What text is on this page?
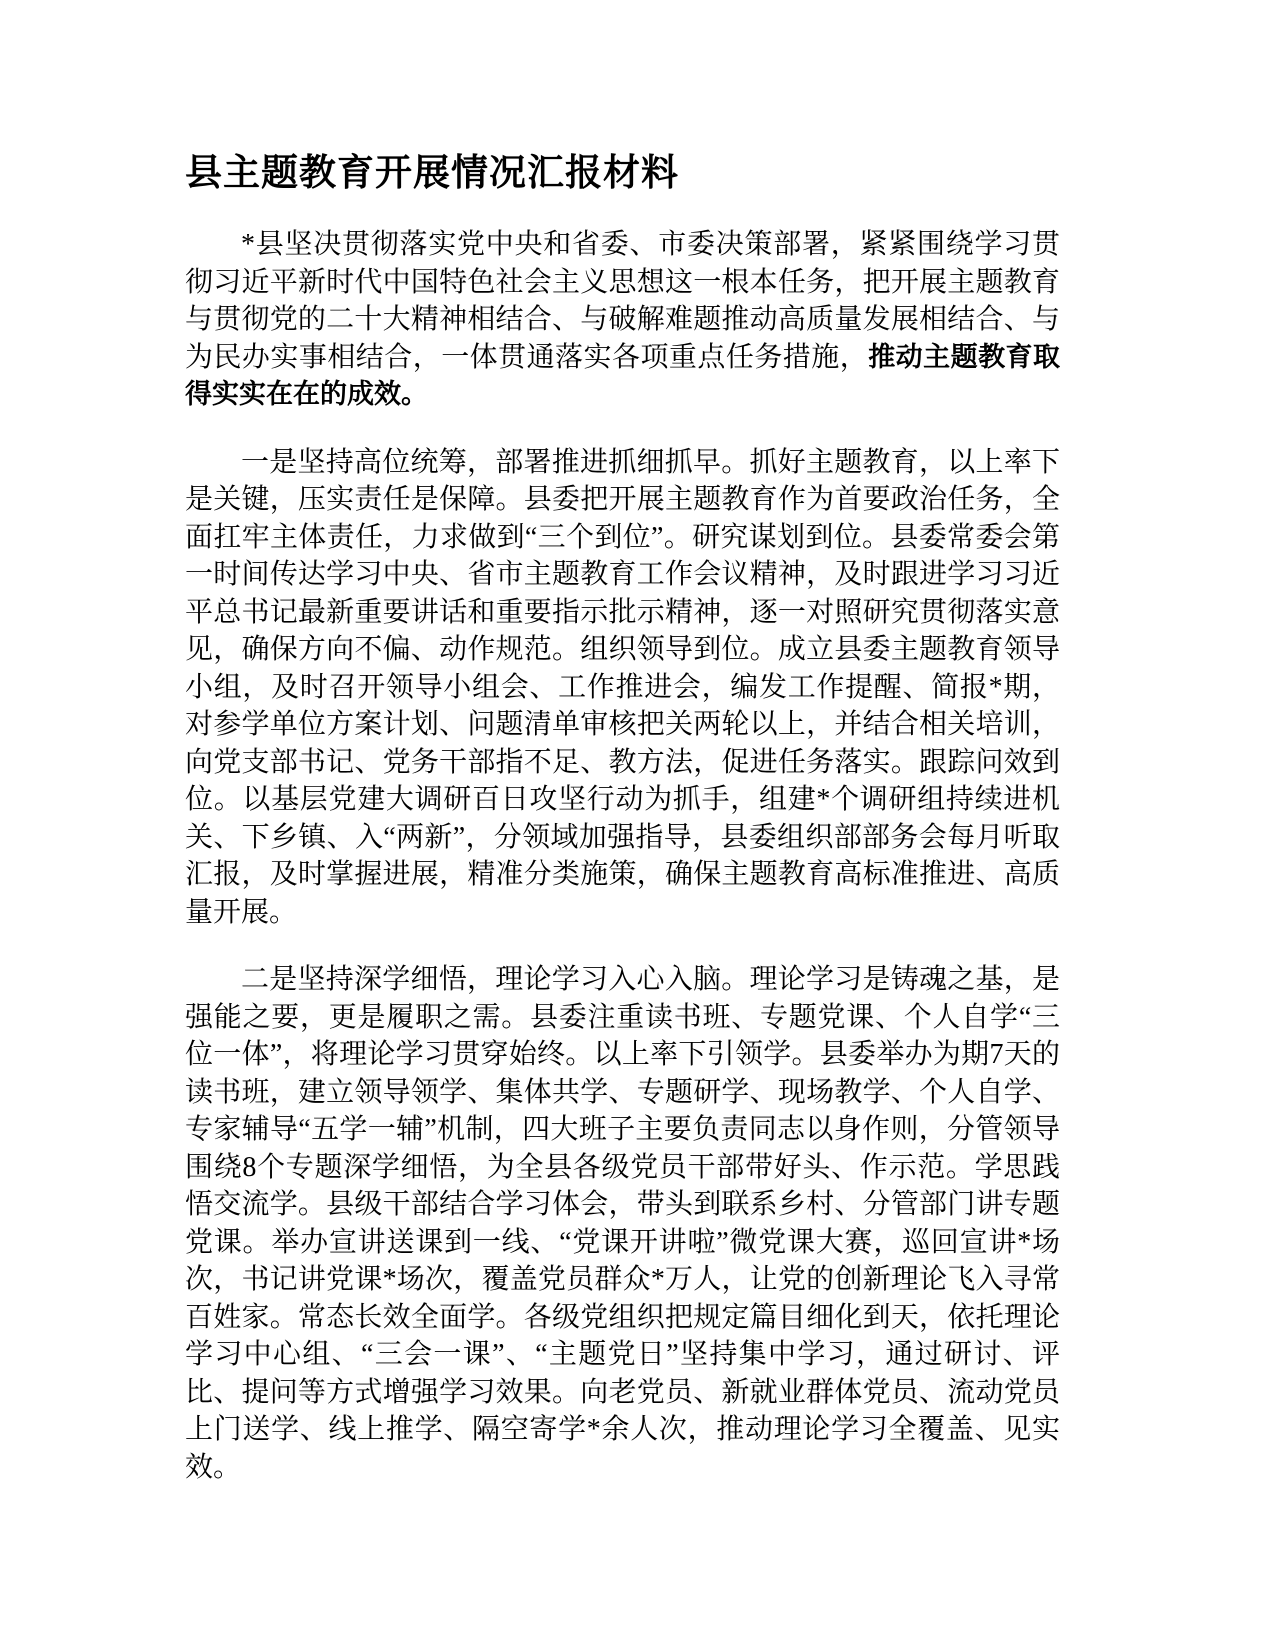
县主题教育开展情况汇报材料

*县坚决贯彻落实党中央和省委、市委决策部署，紧紧围绕学习贯彻习近平新时代中国特色社会主义思想这一根本任务，把开展主题教育与贯彻党的二十大精神相结合、与破解难题推动高质量发展相结合、与为民办实事相结合，一体贯通落实各项重点任务措施，推动主题教育取得实实在在的成效。

一是坚持高位统筹，部署推进抓细抓早。抓好主题教育，以上率下是关键，压实责任是保障。县委把开展主题教育作为首要政治任务，全面扛牢主体责任，力求做到“三个到位”。研究谋划到位。县委常委会第一时间传达学习中央、省市主题教育工作会议精神，及时跟进学习习近平总书记最新重要讲话和重要指示批示精神，逐一对照研究贯彻落实意见，确保方向不偏、动作规范。组织领导到位。成立县委主题教育领导小组，及时召开领导小组会、工作推进会，编发工作提醒、简报*期，对参学单位方案计划、问题清单审核把关两轮以上，并结合相关培训，向党支部书记、党务干部指不足、教方法，促进任务落实。跟踪问效到位。以基层党建大调研百日攻坚行动为抓手，组建*个调研组持续进机关、下乡镇、入“两新”，分领域加强指导，县委组织部部务会每月听取汇报，及时掌握进展，精准分类施策，确保主题教育高标准推进、高质量开展。

二是坚持深学细悟，理论学习入心入脑。理论学习是铸魂之基，是强能之要，更是履职之需。县委注重读书班、专题党课、个人自学“三位一体”，将理论学习贯穿始终。以上率下引领学。县委举办为期7天的读书班，建立领导领学、集体共学、专题研学、现场教学、个人自学、专家辅导“五学一辅”机制，四大班子主要负责同志以身作则，分管领导围绕8个专题深学细悟，为全县各级党员干部带好头、作示范。学思践悟交流学。县级干部结合学习体会，带头到联系乡村、分管部门讲专题党课。举办宣讲送课到一线、“党课开讲啦”微党课大赛，巡回宣讲*场次，书记讲党课*场次，覆盖党员群众*万人，让党的创新理论飞入寻常百姓家。常态长效全面学。各级党组织把规定篇目细化到天，依托理论学习中心组、“三会一课”、“主题党日”坚持集中学习，通过研讨、评比、提问等方式增强学习效果。向老党员、新就业群体党员、流动党员上门送学、线上推学、隔空寄学*余人次，推动理论学习全覆盖、见实效。
